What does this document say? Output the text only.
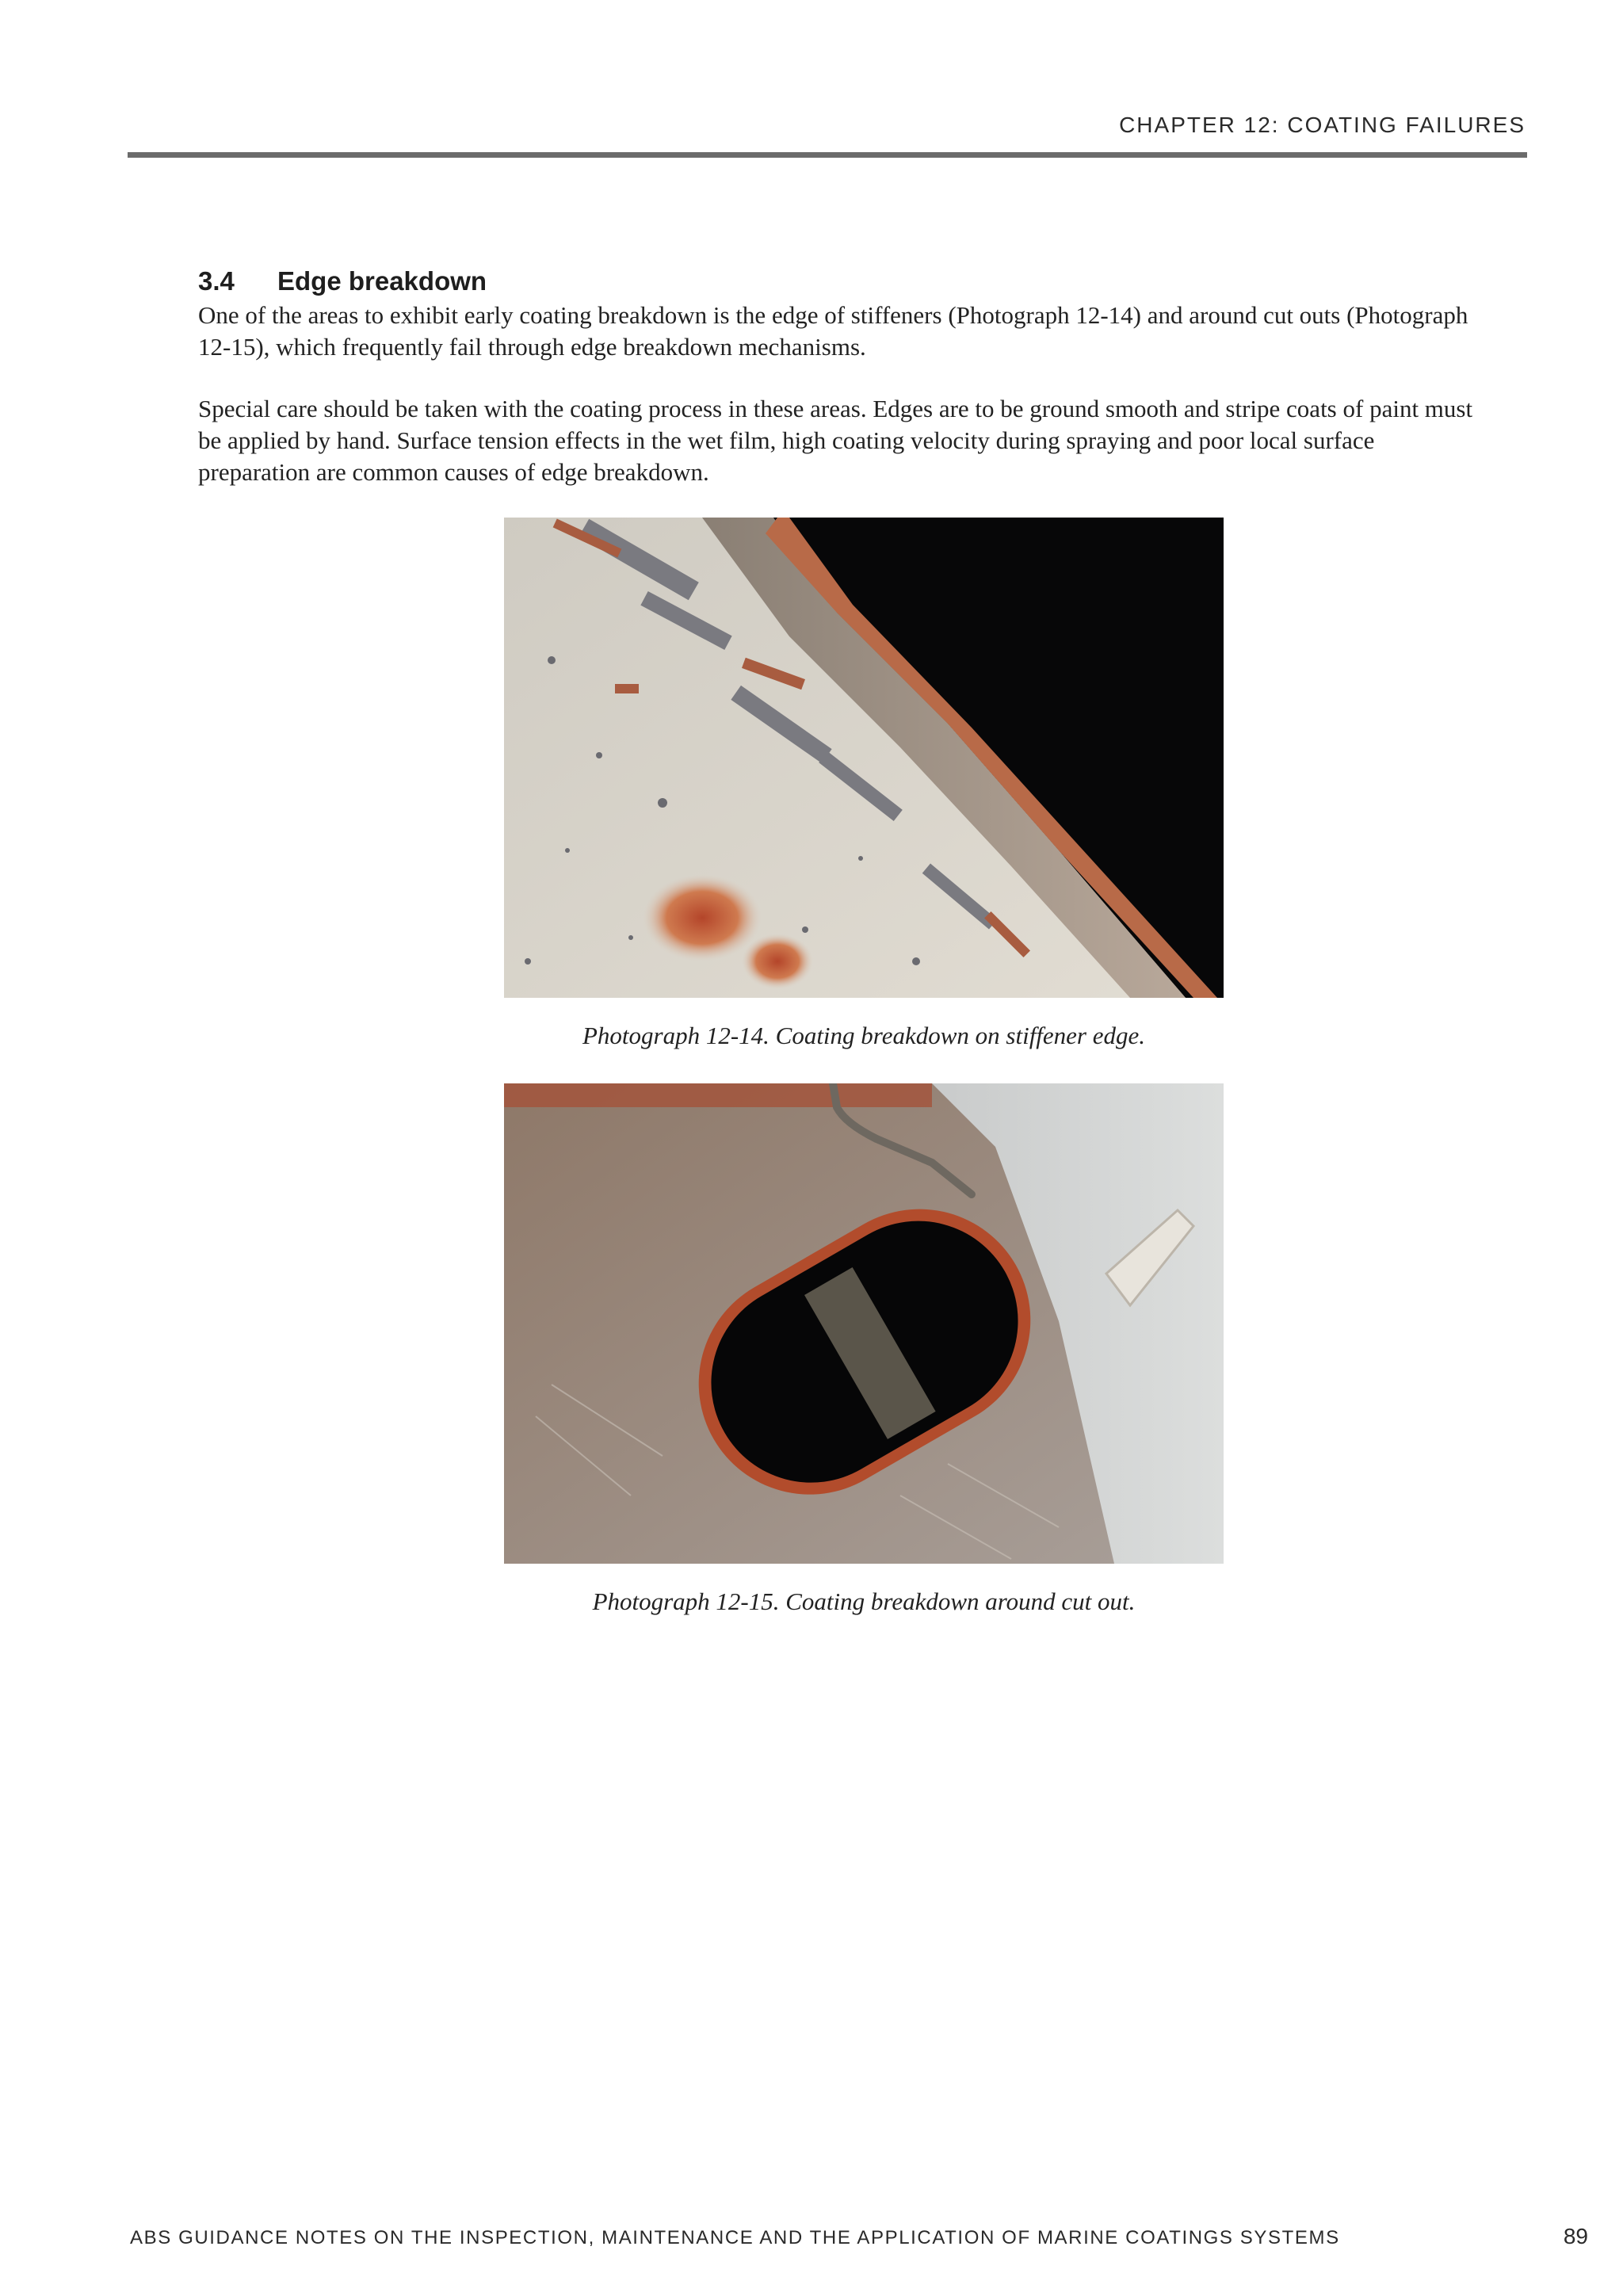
CHAPTER 12: COATING FAILURES
3.4 Edge breakdown

One of the areas to exhibit early coating breakdown is the edge of stiffeners (Photograph 12-14) and around cut outs (Photograph 12-15), which frequently fail through edge breakdown mechanisms.

Special care should be taken with the coating process in these areas. Edges are to be ground smooth and stripe coats of paint must be applied by hand. Surface tension effects in the wet film, high coating velocity during spraying and poor local surface preparation are common causes of edge breakdown.

Photograph 12-14. Coating breakdown on stiffener edge.
Photograph 12-15. Coating breakdown around cut out.
ABS GUIDANCE NOTES ON THE INSPECTION, MAINTENANCE AND THE APPLICATION OF MARINE COATINGS SYSTEMS	89
